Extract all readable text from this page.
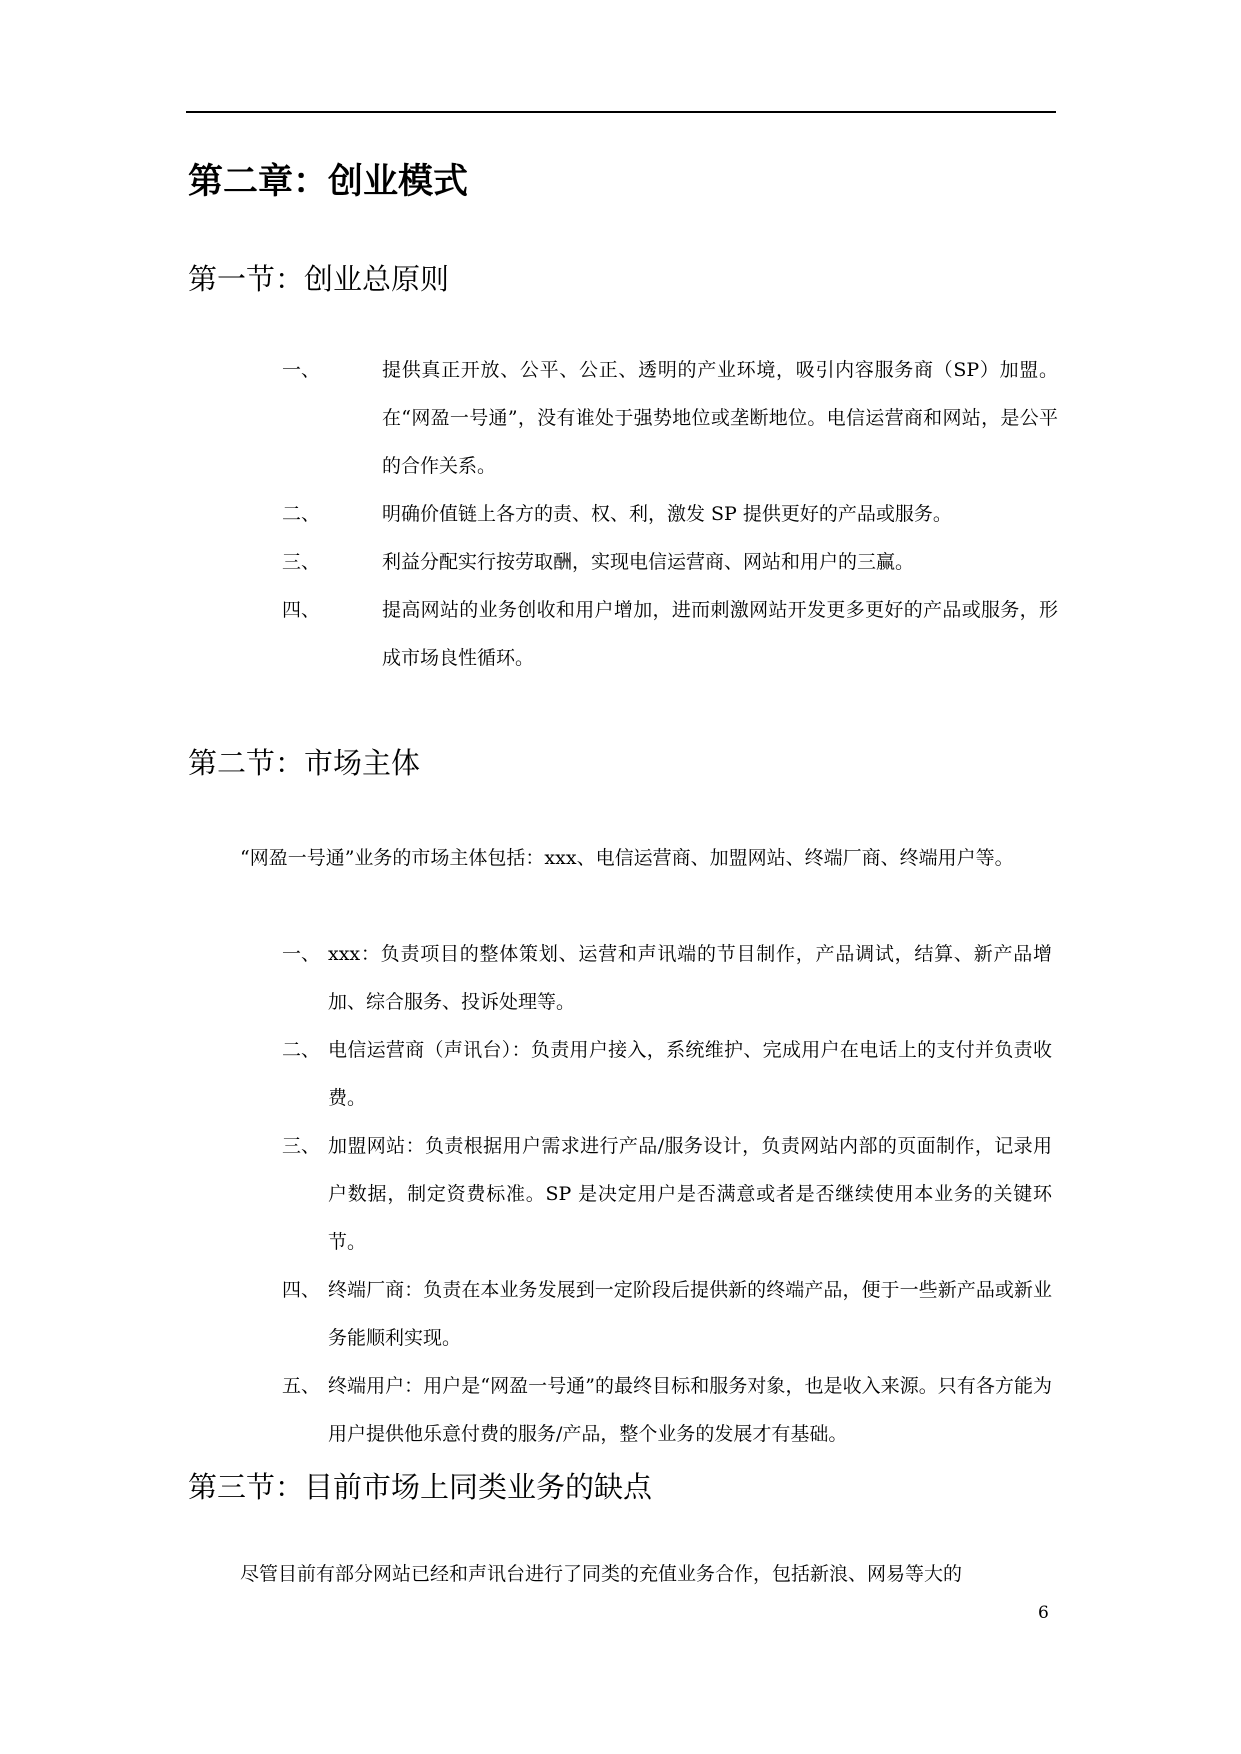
第二章：创业模式
第一节：创业总原则
一、	提供真正开放、公平、公正、透明的产业环境，吸引内容服务商（SP）加盟。在“网盈一号通”，没有谁处于强势地位或垄断地位。电信运营商和网站，是公平的合作关系。
二、	明确价值链上各方的责、权、利，激发 SP 提供更好的产品或服务。
三、	利益分配实行按劳取酬，实现电信运营商、网站和用户的三赢。
四、	提高网站的业务创收和用户增加，进而刺激网站开发更多更好的产品或服务，形成市场良性循环。
第二节：市场主体
“网盈一号通”业务的市场主体包括：xxx、电信运营商、加盟网站、终端厂商、终端用户等。
一、 xxx：负责项目的整体策划、运营和声讯端的节目制作，产品调试，结算、新产品增加、综合服务、投诉处理等。
二、 电信运营商（声讯台）：负责用户接入，系统维护、完成用户在电话上的支付并负责收费。
三、 加盟网站：负责根据用户需求进行产品/服务设计，负责网站内部的页面制作，记录用户数据，制定资费标准。SP 是决定用户是否满意或者是否继续使用本业务的关键环节。
四、 终端厂商：负责在本业务发展到一定阶段后提供新的终端产品，便于一些新产品或新业务能顺利实现。
五、 终端用户：用户是“网盈一号通”的最终目标和服务对象，也是收入来源。只有各方能为用户提供他乐意付费的服务/产品，整个业务的发展才有基础。
第三节：目前市场上同类业务的缺点
尽管目前有部分网站已经和声讯台进行了同类的充值业务合作，包括新浪、网易等大的
6
